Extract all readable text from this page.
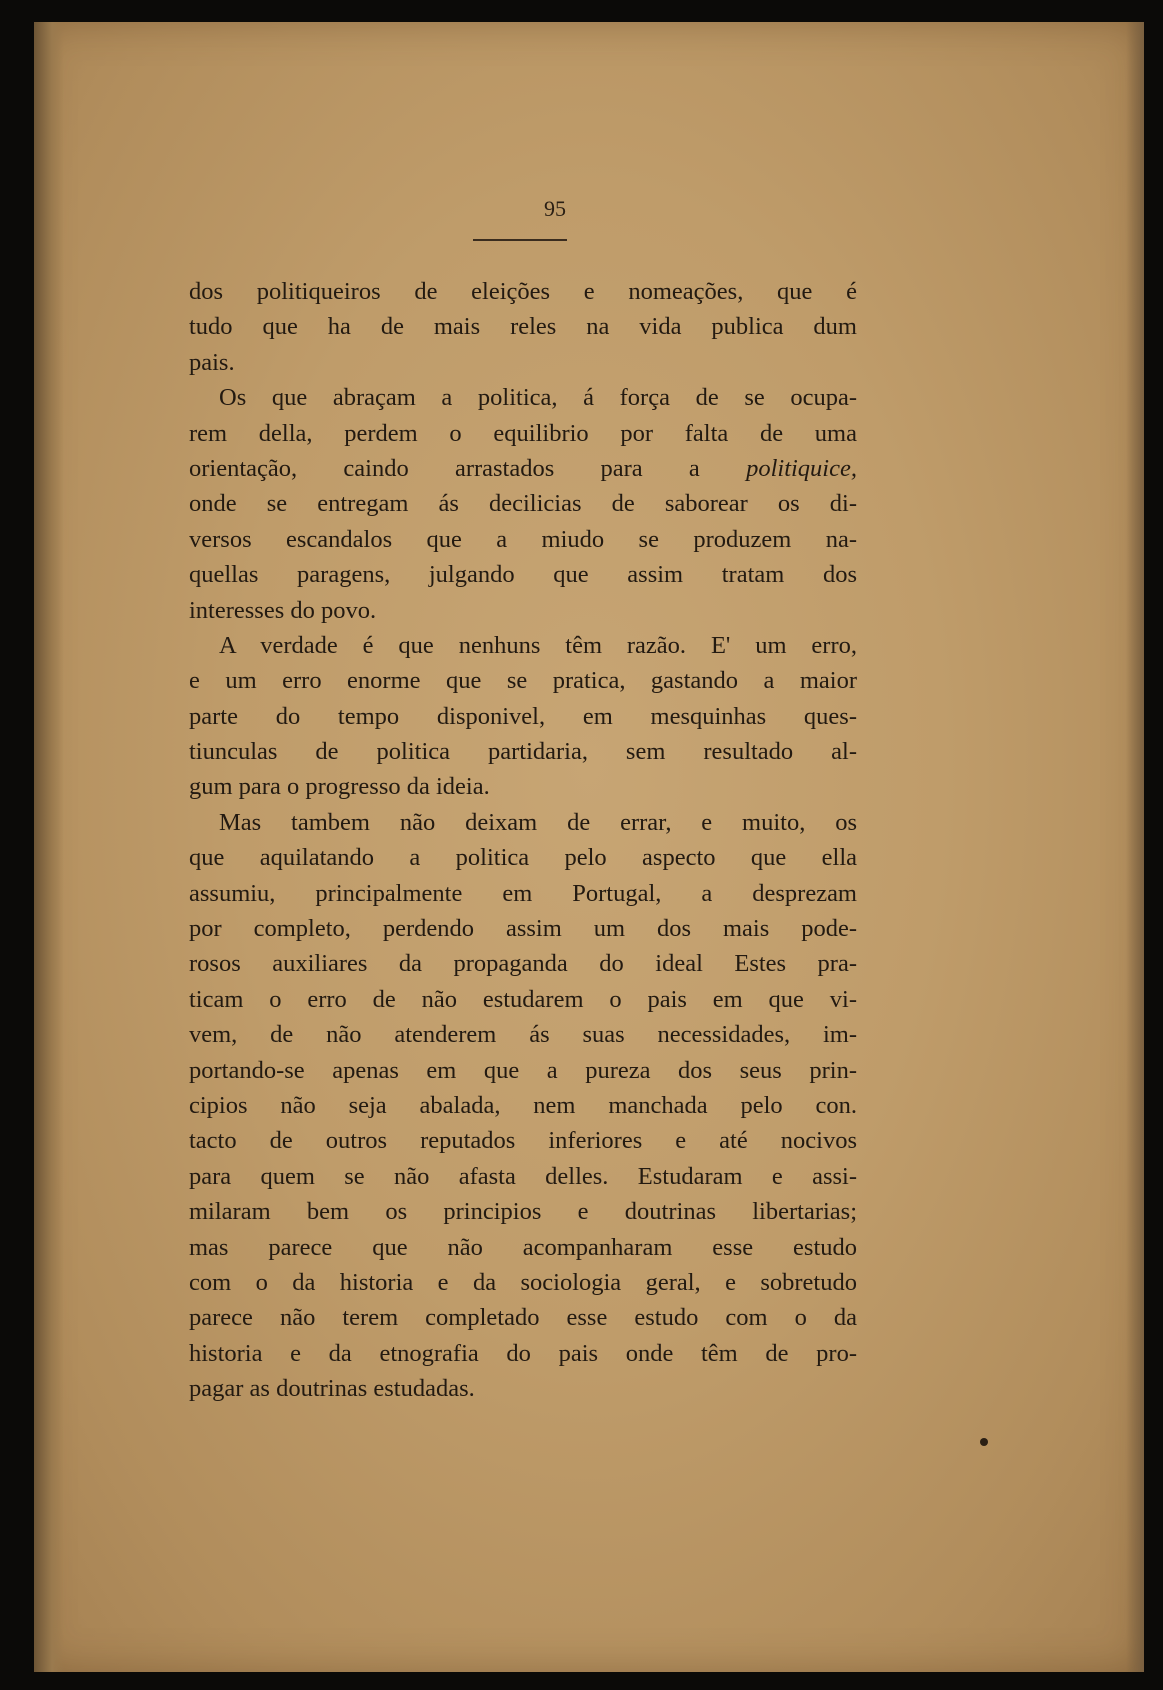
95
dos politiqueiros de eleições e nomeações, que é
tudo que ha de mais reles na vida publica dum
pais.
Os que abraçam a politica, á força de se ocupa-
rem della, perdem o equilibrio por falta de uma
orientação, caindo arrastados para a politiquice,
onde se entregam ás decilicias de saborear os di-
versos escandalos que a miudo se produzem na-
quellas paragens, julgando que assim tratam dos
interesses do povo.
A verdade é que nenhuns têm razão. E' um erro,
e um erro enorme que se pratica, gastando a maior
parte do tempo disponivel, em mesquinhas ques-
tiunculas de politica partidaria, sem resultado al-
gum para o progresso da ideia.
Mas tambem não deixam de errar, e muito, os
que aquilatando a politica pelo aspecto que ella
assumiu, principalmente em Portugal, a desprezam
por completo, perdendo assim um dos mais pode-
rosos auxiliares da propaganda do ideal Estes pra-
ticam o erro de não estudarem o pais em que vi-
vem, de não atenderem ás suas necessidades, im-
portando-se apenas em que a pureza dos seus prin-
cipios não seja abalada, nem manchada pelo con.
tacto de outros reputados inferiores e até nocivos
para quem se não afasta delles. Estudaram e assi-
milaram bem os principios e doutrinas libertarias;
mas parece que não acompanharam esse estudo
com o da historia e da sociologia geral, e sobretudo
parece não terem completado esse estudo com o da
historia e da etnografia do pais onde têm de pro-
pagar as doutrinas estudadas.
